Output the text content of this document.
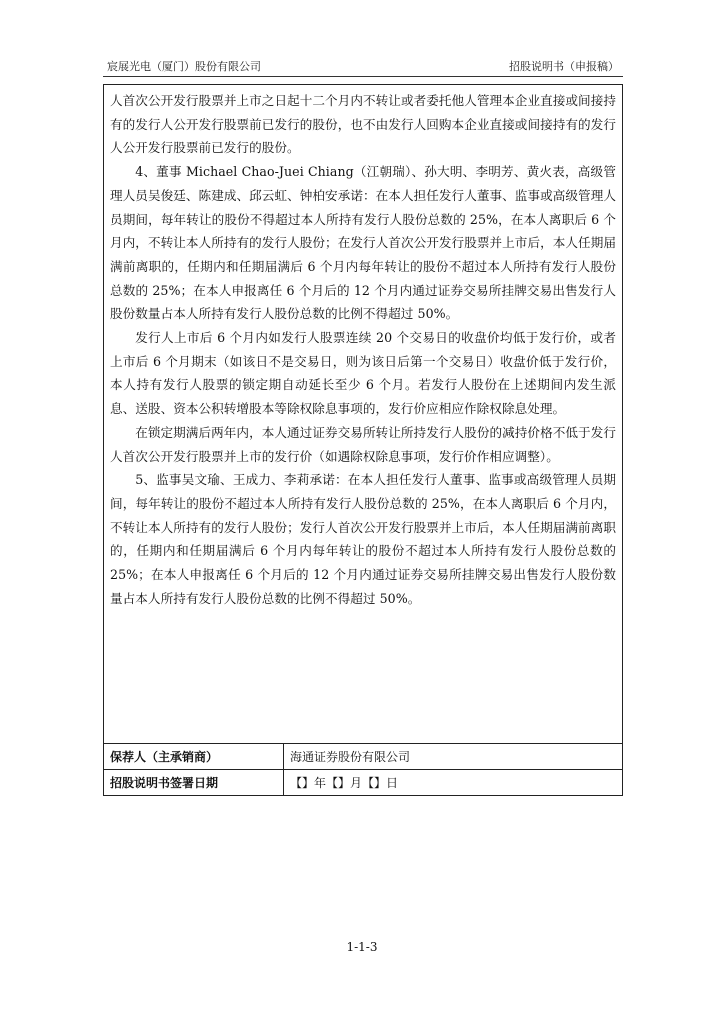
宸展光电（厦门）股份有限公司	招股说明书（申报稿）

人首次公开发行股票并上市之日起十二个月内不转让或者委托他人管理本企业直接或间接持有的发行人公开发行股票前已发行的股份，也不由发行人回购本企业直接或间接持有的发行人公开发行股票前已发行的股份。

4、董事 Michael Chao-Juei Chiang（江朝瑞）、孙大明、李明芳、黄火表，高级管理人员吴俊廷、陈建成、邱云虹、钟柏安承诺：在本人担任发行人董事、监事或高级管理人员期间，每年转让的股份不得超过本人所持有发行人股份总数的 25%，在本人离职后 6 个月内，不转让本人所持有的发行人股份；在发行人首次公开发行股票并上市后，本人任期届满前离职的，任期内和任期届满后 6 个月内每年转让的股份不超过本人所持有发行人股份总数的 25%；在本人申报离任 6 个月后的 12 个月内通过证券交易所挂牌交易出售发行人股份数量占本人所持有发行人股份总数的比例不得超过 50%。

发行人上市后 6 个月内如发行人股票连续 20 个交易日的收盘价均低于发行价，或者上市后 6 个月期末（如该日不是交易日，则为该日后第一个交易日）收盘价低于发行价，本人持有发行人股票的锁定期自动延长至少 6 个月。若发行人股份在上述期间内发生派息、送股、资本公积转增股本等除权除息事项的，发行价应相应作除权除息处理。

在锁定期满后两年内，本人通过证券交易所转让所持发行人股份的减持价格不低于发行人首次公开发行股票并上市的发行价（如遇除权除息事项，发行价作相应调整）。

5、监事吴文瑜、王成力、李莉承诺：在本人担任发行人董事、监事或高级管理人员期间，每年转让的股份不超过本人所持有发行人股份总数的 25%，在本人离职后 6 个月内，不转让本人所持有的发行人股份；发行人首次公开发行股票并上市后，本人任期届满前离职的，任期内和任期届满后 6 个月内每年转让的股份不超过本人所持有发行人股份总数的 25%；在本人申报离任 6 个月后的 12 个月内通过证券交易所挂牌交易出售发行人股份数量占本人所持有发行人股份总数的比例不得超过 50%。

保荐人（主承销商）	海通证券股份有限公司
招股说明书签署日期	【】年【】月【】日
1-1-3
